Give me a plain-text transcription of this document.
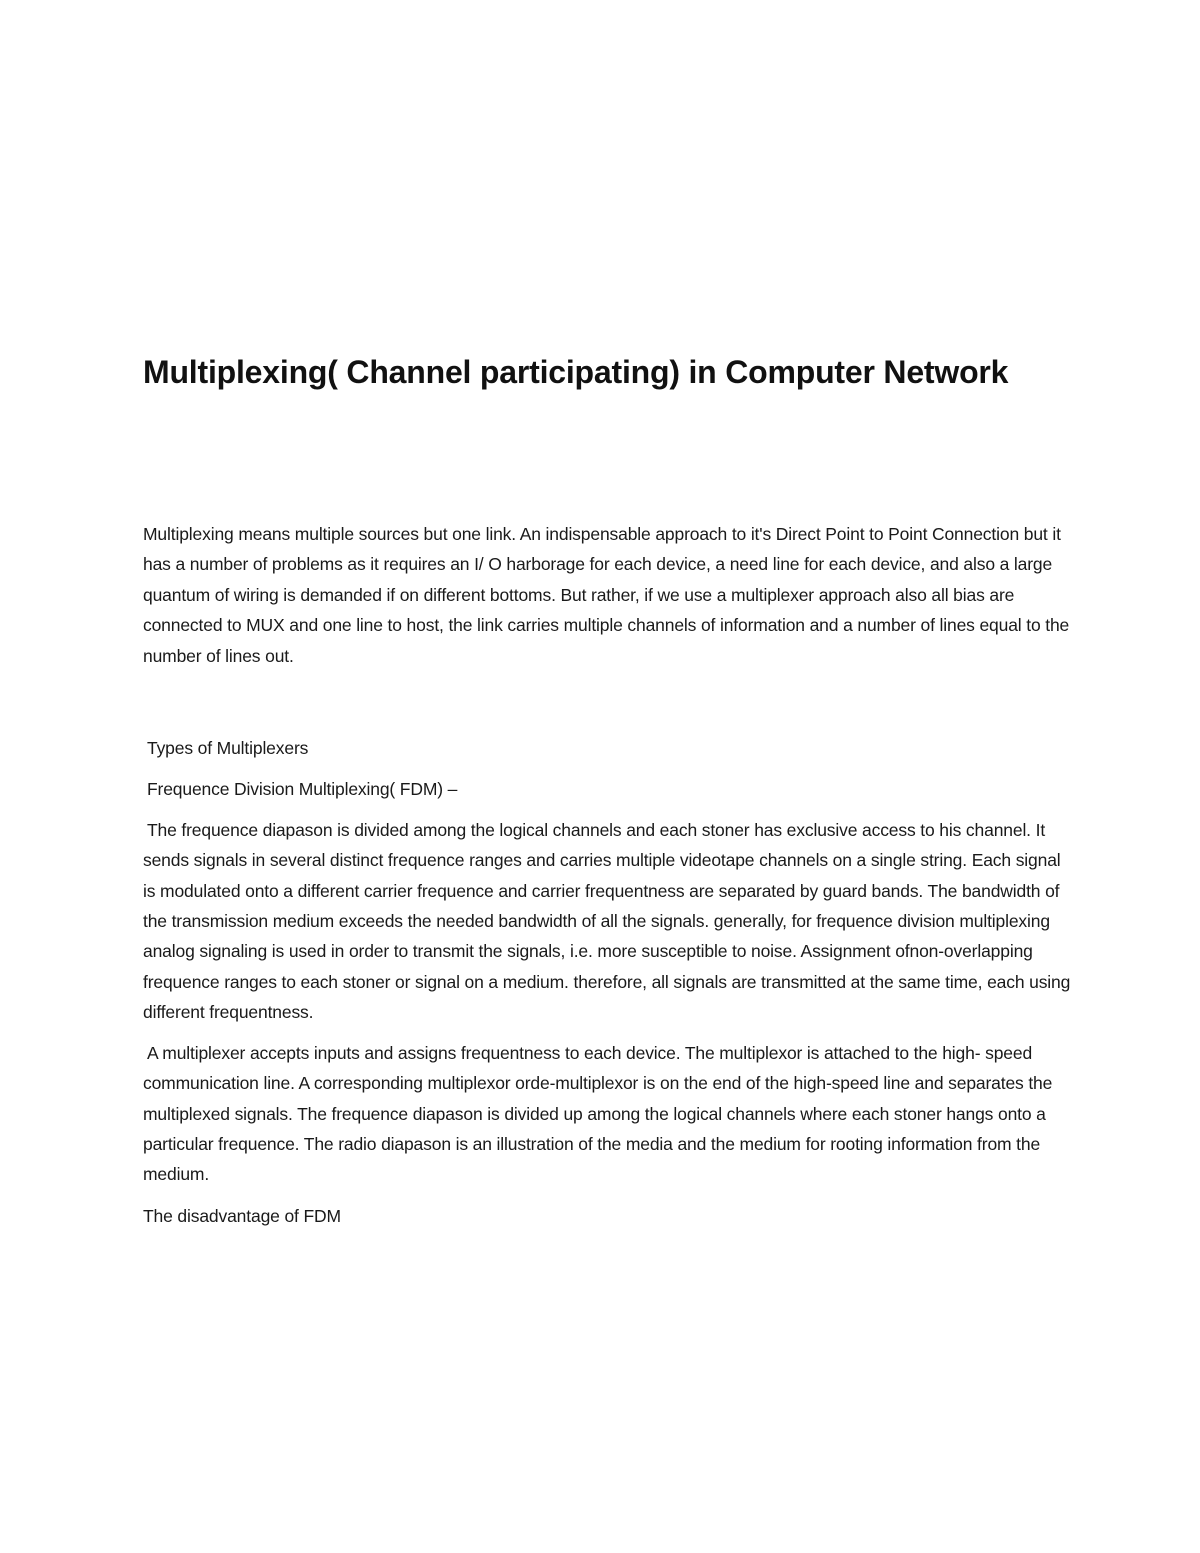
Multiplexing( Channel participating) in Computer Network

Multiplexing means multiple sources but one link. An indispensable approach to it's Direct Point to Point Connection but it has a number of problems as it requires an I/ O harborage for each device, a need line for each device, and also a large quantum of wiring is demanded if on different bottoms. But rather, if we use a multiplexer approach also all bias are connected to MUX and one line to host, the link carries multiple channels of information and a number of lines equal to the number of lines out.

Types of Multiplexers

Frequence Division Multiplexing( FDM) –

The frequence diapason is divided among the logical channels and each stoner has exclusive access to his channel. It sends signals in several distinct frequence ranges and carries multiple videotape channels on a single string. Each signal is modulated onto a different carrier frequence and carrier frequentness are separated by guard bands. The bandwidth of the transmission medium exceeds the needed bandwidth of all the signals. generally, for frequence division multiplexing analog signaling is used in order to transmit the signals, i.e. more susceptible to noise. Assignment ofnon-overlapping frequence ranges to each stoner or signal on a medium. therefore, all signals are transmitted at the same time, each using different frequentness.

A multiplexer accepts inputs and assigns frequentness to each device. The multiplexor is attached to the high- speed communication line. A corresponding multiplexor orde-multiplexor is on the end of the high-speed line and separates the multiplexed signals. The frequence diapason is divided up among the logical channels where each stoner hangs onto a particular frequence. The radio diapason is an illustration of the media and the medium for rooting information from the medium.

The disadvantage of FDM
